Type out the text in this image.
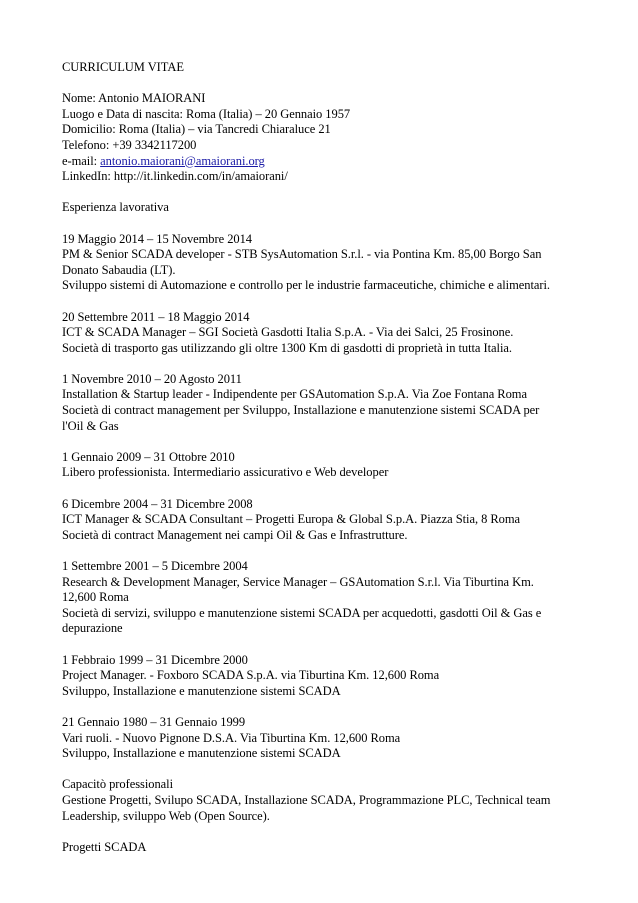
CURRICULUM VITAE
Nome: Antonio MAIORANI
Luogo e Data di nascita: Roma (Italia) – 20 Gennaio 1957
Domicilio: Roma (Italia) – via Tancredi Chiaraluce 21
Telefono: +39 3342117200
e-mail: antonio.maiorani@amaiorani.org
LinkedIn: http://it.linkedin.com/in/amaiorani/
Esperienza lavorativa
19 Maggio 2014 – 15 Novembre 2014
PM & Senior SCADA developer - STB SysAutomation S.r.l. - via Pontina Km. 85,00 Borgo San
Donato Sabaudia (LT).
Sviluppo sistemi di Automazione e controllo per le industrie farmaceutiche, chimiche e alimentari.
20 Settembre 2011 – 18 Maggio 2014
ICT & SCADA Manager – SGI Società Gasdotti Italia S.p.A. - Via dei Salci, 25 Frosinone.
Società di trasporto gas utilizzando gli oltre 1300 Km di gasdotti di proprietà in tutta Italia.
1 Novembre 2010 – 20 Agosto 2011
Installation & Startup leader - Indipendente per GSAutomation S.p.A. Via Zoe Fontana Roma
Società di contract management per Sviluppo, Installazione e manutenzione sistemi SCADA per
l'Oil & Gas
1 Gennaio 2009 – 31 Ottobre 2010
Libero professionista. Intermediario assicurativo e Web developer
6 Dicembre 2004 – 31 Dicembre 2008
ICT Manager & SCADA Consultant – Progetti Europa & Global S.p.A. Piazza Stia, 8 Roma
Società di contract Management nei campi Oil & Gas e Infrastrutture.
1 Settembre 2001 – 5 Dicembre 2004
Research & Development Manager, Service Manager – GSAutomation S.r.l. Via Tiburtina Km.
12,600 Roma
Società di servizi, sviluppo e manutenzione sistemi SCADA per acquedotti, gasdotti Oil & Gas e
depurazione
1 Febbraio 1999 – 31 Dicembre 2000
Project Manager. - Foxboro SCADA S.p.A. via Tiburtina Km. 12,600 Roma
Sviluppo, Installazione e manutenzione sistemi SCADA
21 Gennaio 1980 – 31 Gennaio 1999
Vari ruoli. - Nuovo Pignone D.S.A. Via Tiburtina Km. 12,600 Roma
Sviluppo, Installazione e manutenzione sistemi SCADA
Capacitò professionali
Gestione Progetti, Svilupo SCADA, Installazione SCADA, Programmazione PLC, Technical team
Leadership, sviluppo Web (Open Source).
Progetti SCADA
